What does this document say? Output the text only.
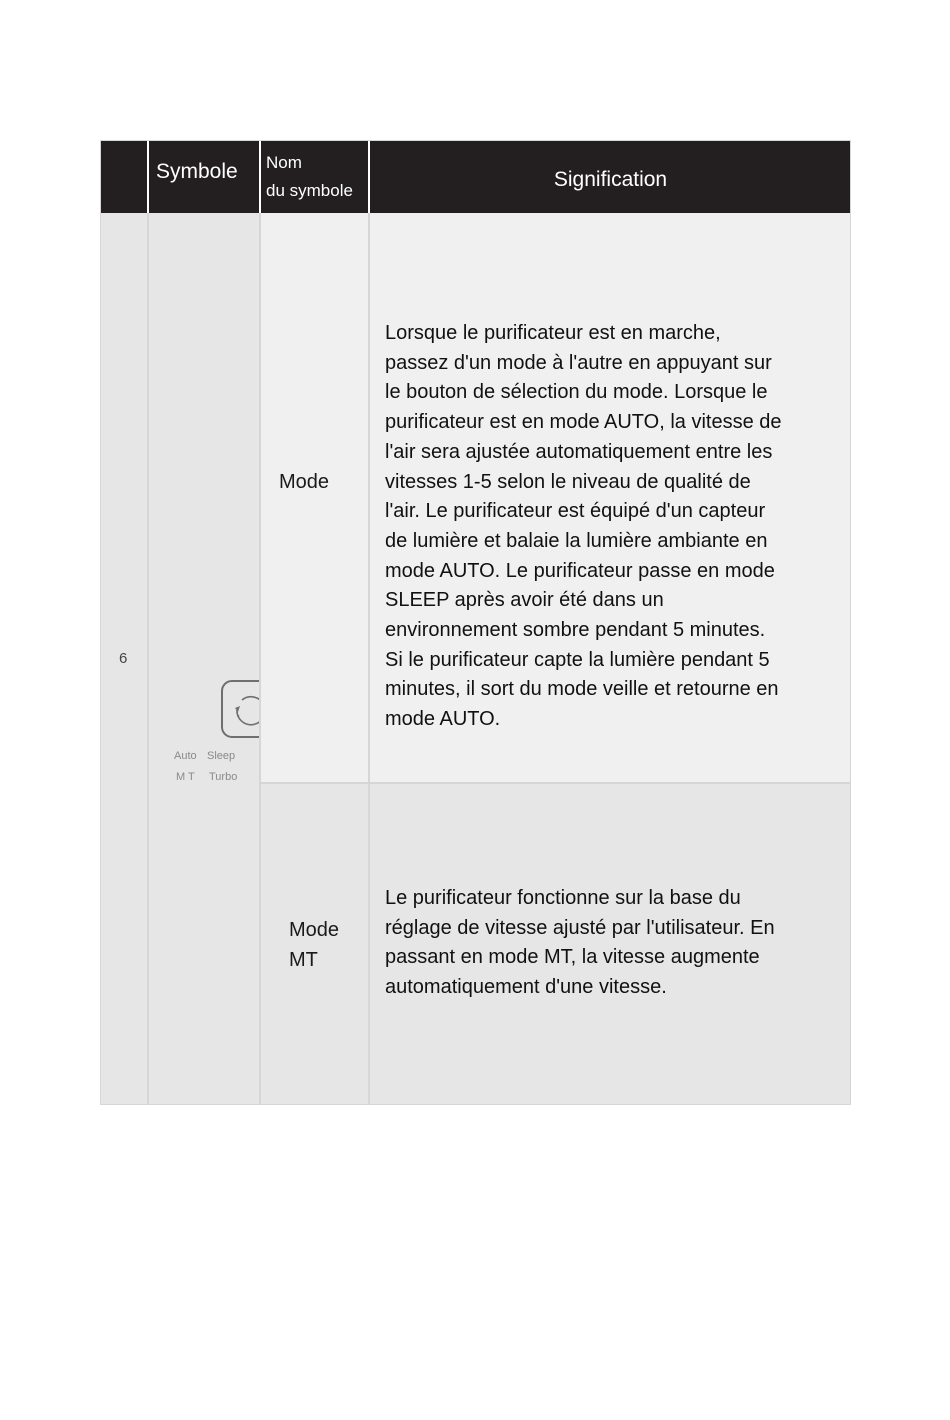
Symbole	Nom
du symbole	Signification
6
Auto Sleep
M T Turbo
Mode
Lorsque le purificateur est en marche,
passez d'un mode à l'autre en appuyant sur
le bouton de sélection du mode. Lorsque le
purificateur est en mode AUTO, la vitesse de
l'air sera ajustée automatiquement entre les
vitesses 1-5 selon le niveau de qualité de
l'air. Le purificateur est équipé d'un capteur
de lumière et balaie la lumière ambiante en
mode AUTO. Le purificateur passe en mode
SLEEP après avoir été dans un
environnement sombre pendant 5 minutes.
Si le purificateur capte la lumière pendant 5
minutes, il sort du mode veille et retourne en
mode AUTO.
Mode
MT
Le purificateur fonctionne sur la base du
réglage de vitesse ajusté par l'utilisateur. En
passant en mode MT, la vitesse augmente
automatiquement d'une vitesse.
